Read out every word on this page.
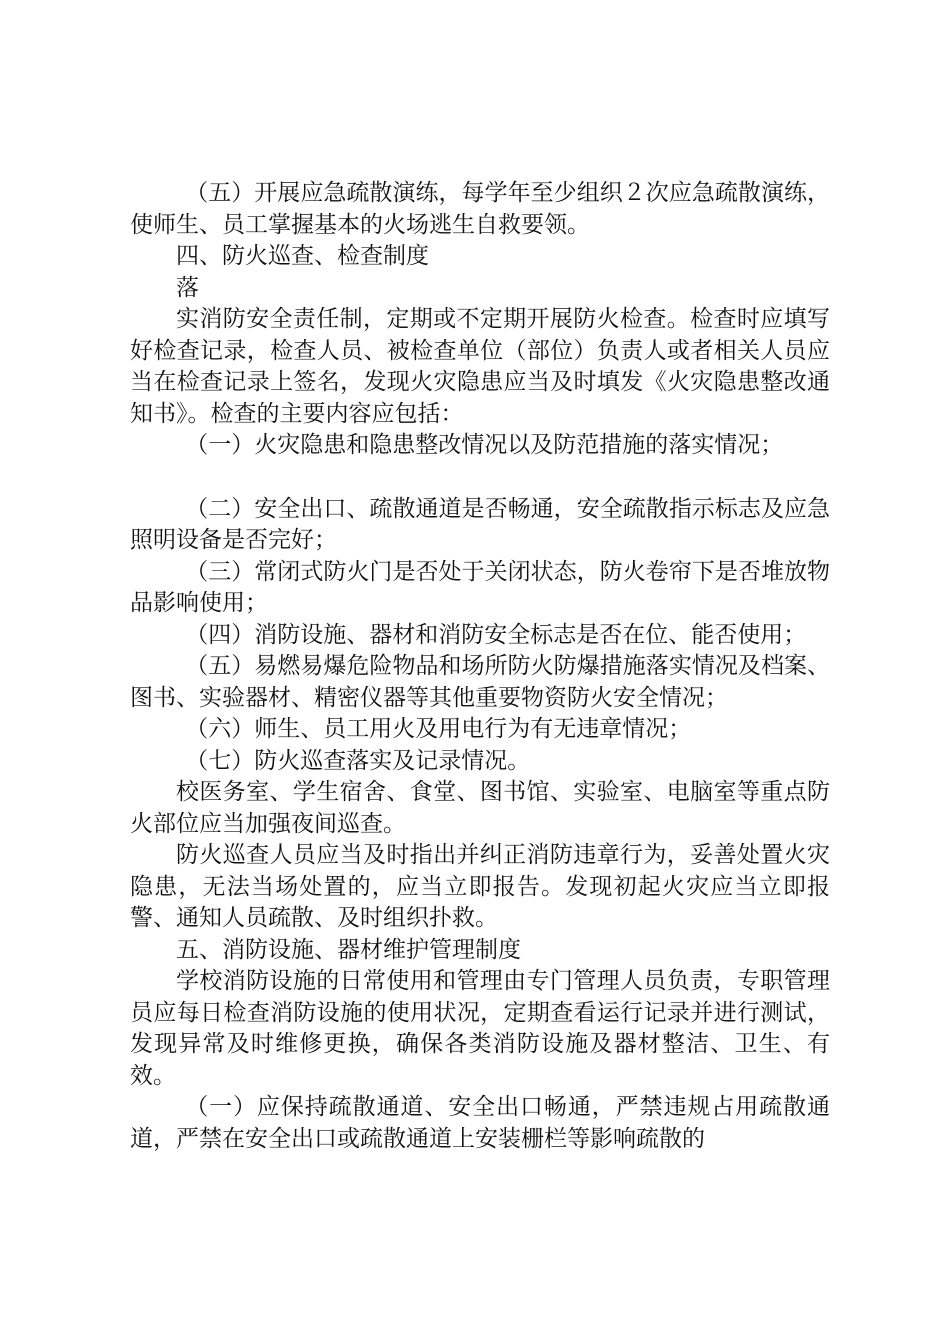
（五）开展应急疏散演练，每学年至少组织２次应急疏散演练，使师生、员工掌握基本的火场逃生自救要领。

四、防火巡查、检查制度

落

实消防安全责任制，定期或不定期开展防火检查。检查时应填写好检查记录，检查人员、被检查单位（部位）负责人或者相关人员应当在检查记录上签名，发现火灾隐患应当及时填发《火灾隐患整改通知书》。检查的主要内容应包括：

（一）火灾隐患和隐患整改情况以及防范措施的落实情况；

（二）安全出口、疏散通道是否畅通，安全疏散指示标志及应急照明设备是否完好；

（三）常闭式防火门是否处于关闭状态，防火卷帘下是否堆放物品影响使用；

（四）消防设施、器材和消防安全标志是否在位、能否使用；

（五）易燃易爆危险物品和场所防火防爆措施落实情况及档案、图书、实验器材、精密仪器等其他重要物资防火安全情况；

（六）师生、员工用火及用电行为有无违章情况；

（七）防火巡查落实及记录情况。

校医务室、学生宿舍、食堂、图书馆、实验室、电脑室等重点防火部位应当加强夜间巡查。

防火巡查人员应当及时指出并纠正消防违章行为，妥善处置火灾隐患，无法当场处置的，应当立即报告。发现初起火灾应当立即报警、通知人员疏散、及时组织扑救。

五、消防设施、器材维护管理制度

学校消防设施的日常使用和管理由专门管理人员负责，专职管理员应每日检查消防设施的使用状况，定期查看运行记录并进行测试，发现异常及时维修更换，确保各类消防设施及器材整洁、卫生、有效。

（一）应保持疏散通道、安全出口畅通，严禁违规占用疏散通道，严禁在安全出口或疏散通道上安装栅栏等影响疏散的
